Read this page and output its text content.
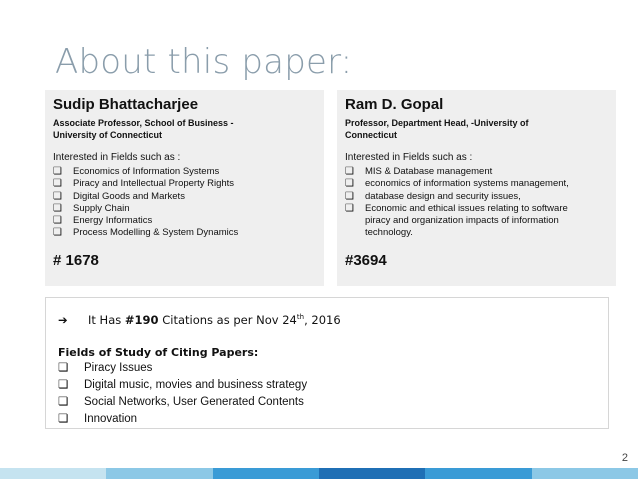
About this paper:
Sudip Bhattacharjee
Associate Professor, School of Business - University of Connecticut
Interested in Fields such as :
❏	Economics of Information Systems
❏	Piracy and Intellectual Property Rights
❏	Digital Goods and Markets
❏	Supply Chain
❏	Energy Informatics
❏	Process Modelling & System Dynamics
# 1678
Ram D. Gopal
Professor, Department Head, -University of Connecticut
Interested in Fields such as :
❏	MIS & Database management
❏	economics of information systems management,
❏	database design and security issues,
❏	Economic and ethical issues relating to software piracy and organization impacts of information technology.
#3694
➔ It Has #190 Citations as per Nov 24th, 2016
Fields of Study of Citing Papers:
❏	Piracy Issues
❏	Digital music, movies and business strategy
❏	Social Networks, User Generated Contents
❏	Innovation
2
